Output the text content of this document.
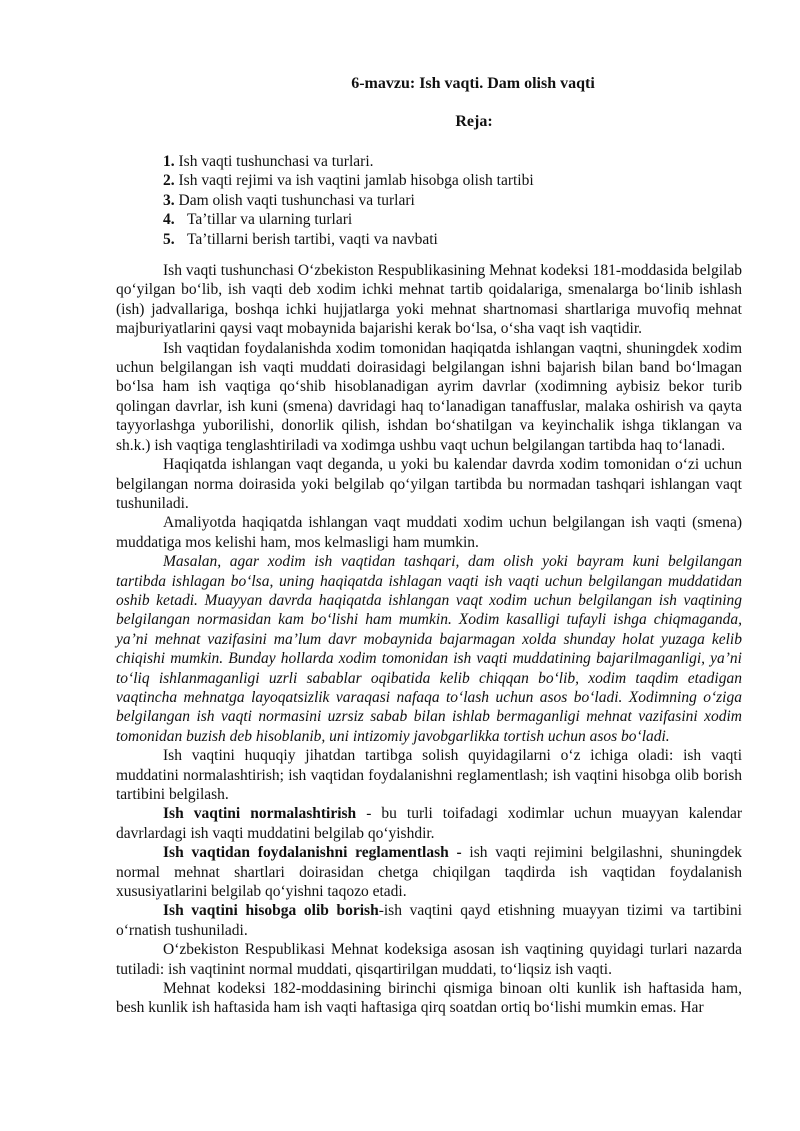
6-mavzu: Ish vaqti. Dam olish vaqti
Reja:
1. Ish vaqti tushunchasi va turlari.
2. Ish vaqti rejimi va ish vaqtini jamlab hisobga olish tartibi
3. Dam olish vaqti tushunchasi va turlari
4. Ta’tillar va ularning turlari
5. Ta’tillarni berish tartibi, vaqti va navbati

Ish vaqti tushunchasi O‘zbekiston Respublikasining Mehnat kodeksi 181-moddasida belgilab qo‘yilgan bo‘lib, ish vaqti deb xodim ichki mehnat tartib qoidalariga, smenalarga bo‘linib ishlash (ish) jadvallariga, boshqa ichki hujjatlarga yoki mehnat shartnomasi shartlariga muvofiq mehnat majburiyatlarini qaysi vaqt mobaynida bajarishi kerak bo‘lsa, o‘sha vaqt ish vaqtidir.

Ish vaqtidan foydalanishda xodim tomonidan haqiqatda ishlangan vaqtni, shuningdek xodim uchun belgilangan ish vaqti muddati doirasidagi belgilangan ishni bajarish bilan band bo‘lmagan bo‘lsa ham ish vaqtiga qo‘shib hisoblanadigan ayrim davrlar (xodimning aybisiz bekor turib qolingan davrlar, ish kuni (smena) davridagi haq to‘lanadigan tanaffuslar, malaka oshirish va qayta tayyorlashga yuborilishi, donorlik qilish, ishdan bo‘shatilgan va keyinchalik ishga tiklangan va sh.k.) ish vaqtiga tenglashtiriladi va xodimga ushbu vaqt uchun belgilangan tartibda haq to‘lanadi.

Haqiqatda ishlangan vaqt deganda, u yoki bu kalendar davrda xodim tomonidan o‘zi uchun belgilangan norma doirasida yoki belgilab qo‘yilgan tartibda bu normadan tashqari ishlangan vaqt tushuniladi.

Amaliyotda haqiqatda ishlangan vaqt muddati xodim uchun belgilangan ish vaqti (smena) muddatiga mos kelishi ham, mos kelmasligi ham mumkin.

Masalan, agar xodim ish vaqtidan tashqari, dam olish yoki bayram kuni belgilangan tartibda ishlagan bo‘lsa, uning haqiqatda ishlagan vaqti ish vaqti uchun belgilangan muddatidan oshib ketadi. Muayyan davrda haqiqatda ishlangan vaqt xodim uchun belgilangan ish vaqtining belgilangan normasidan kam bo‘lishi ham mumkin. Xodim kasalligi tufayli ishga chiqmaganda, ya’ni mehnat vazifasini ma’lum davr mobaynida bajarmagan xolda shunday holat yuzaga kelib chiqishi mumkin. Bunday hollarda xodim tomonidan ish vaqti muddatining bajarilmaganligi, ya’ni to‘liq ishlanmaganligi uzrli sabablar oqibatida kelib chiqqan bo‘lib, xodim taqdim etadigan vaqtincha mehnatga layoqatsizlik varaqasi nafaqa to‘lash uchun asos bo‘ladi. Xodimning o‘ziga belgilangan ish vaqti normasini uzrsiz sabab bilan ishlab bermaganligi mehnat vazifasini xodim tomonidan buzish deb hisoblanib, uni intizomiy javobgarlikka tortish uchun asos bo‘ladi.

Ish vaqtini huquqiy jihatdan tartibga solish quyidagilarni o‘z ichiga oladi: ish vaqti muddatini normalashtirish; ish vaqtidan foydalanishni reglamentlash; ish vaqtini hisobga olib borish tartibini belgilash.

Ish vaqtini normalashtirish - bu turli toifadagi xodimlar uchun muayyan kalendar davrlardagi ish vaqti muddatini belgilab qo‘yishdir.

Ish vaqtidan foydalanishni reglamentlash - ish vaqti rejimini belgilashni, shuningdek normal mehnat shartlari doirasidan chetga chiqilgan taqdirda ish vaqtidan foydalanish xususiyatlarini belgilab qo‘yishni taqozo etadi.

Ish vaqtini hisobga olib borish-ish vaqtini qayd etishning muayyan tizimi va tartibini o‘rnatish tushuniladi.

O‘zbekiston Respublikasi Mehnat kodeksiga asosan ish vaqtining quyidagi turlari nazarda tutiladi: ish vaqtinint normal muddati, qisqartirilgan muddati, to‘liqsiz ish vaqti.

Mehnat kodeksi 182-moddasining birinchi qismiga binoan olti kunlik ish haftasida ham, besh kunlik ish haftasida ham ish vaqti haftasiga qirq soatdan ortiq bo‘lishi mumkin emas. Har
